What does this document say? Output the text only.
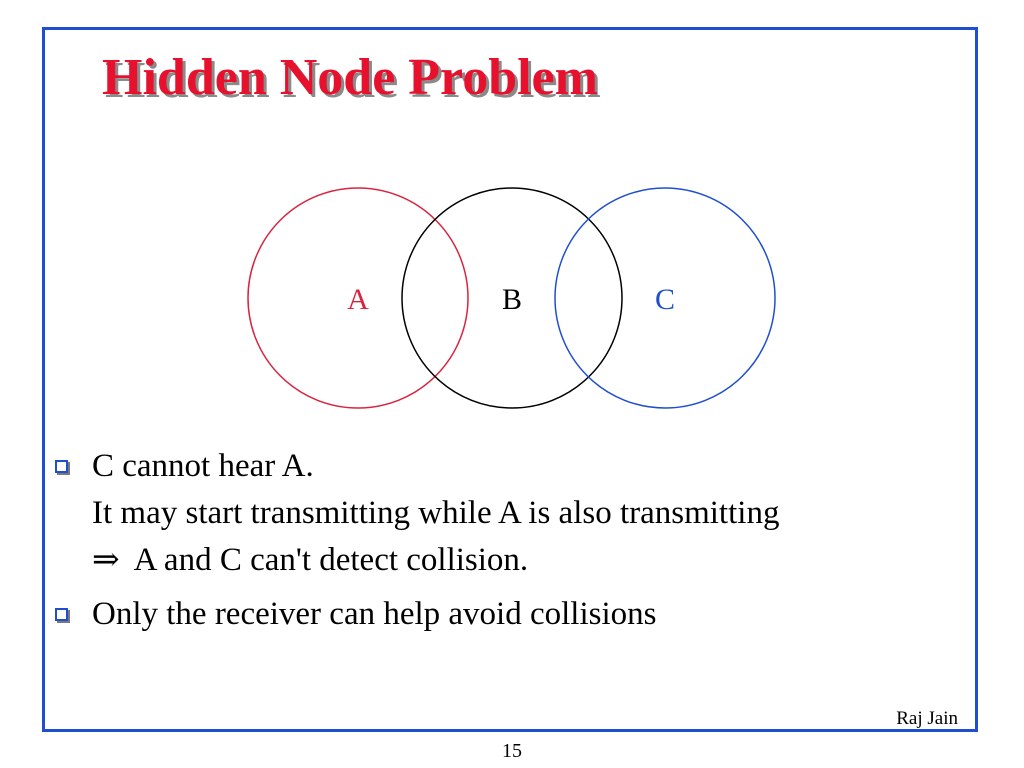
Hidden Node Problem
A	B	C
C cannot hear A.
It may start transmitting while A is also transmitting
⇒ A and C can't detect collision.
Only the receiver can help avoid collisions
Raj Jain
15
